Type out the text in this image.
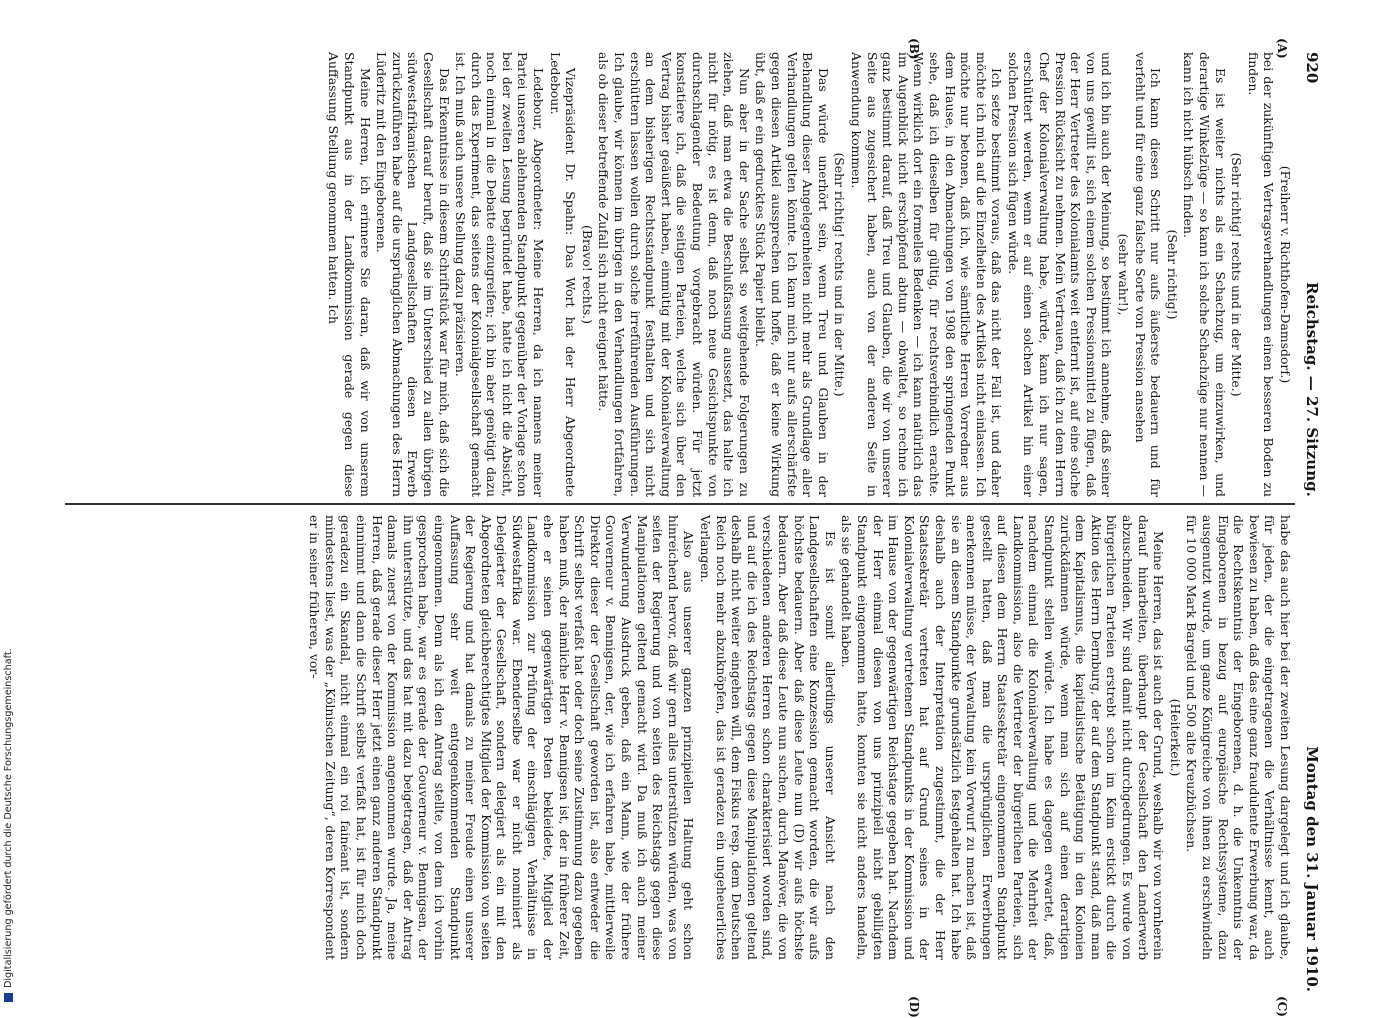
920
Reichstag. — 27. Sitzung.
Montag den 31. Januar 1910.
(A)
(B)
(C)
(D)

(Freiherr v. Richthofen-Damsdorf.)

bei der zukünftigen Vertragsverhandlungen einen besseren Boden zu finden.

(Sehr richtig! rechts und in der Mitte.)

Es ist weiter nichts als ein Schachzug, um einzuwirken, und derartige Winkelzüge — so kann ich solche Schachzüge nur nennen — kann ich nicht hübsch finden.

(Sehr richtig!)

Ich kann diesen Schritt nur aufs äußerste bedauern und für verfehlt und für eine ganz falsche Sorte von Pression ansehen

(sehr wahr!),

und ich bin auch der Meinung, so bestimmt ich annehme, daß seiner von uns gewillt ist, sich einem solchen Pressionsmittel zu fügen, daß der Herr Vertreter des Kolonialamts weit entfernt ist, auf eine solche Pression Rücksicht zu nehmen. Mein Vertrauen, daß ich zu dem Herrn Chef der Kolonialverwaltung habe, würde, kann ich nur sagen, erschüttert werden, wenn er auf einen solchen Artikel hin einer solchen Pression sich fügen würde.

Ich setze bestimmt voraus, daß das nicht der Fall ist, und daher möchte ich mich auf die Einzelheiten des Artikels nicht einlassen. Ich möchte nur betonen, daß ich, wie sämtliche Herren Vorredner aus dem Hause, in den Abmachungen von 1908 den springenden Punkt sehe, daß ich dieselben für gültig, für rechtsverbindlich erachte. Wenn wirklich dort ein formelles Bedenken — ich kann natürlich das im Augenblick nicht erschöpfend abtun — obwaltet, so rechne ich ganz bestimmt darauf, daß Treu und Glauben, die wir von unserer Seite aus zugesichert haben, auch von der anderen Seite in Anwendung kommen.

(Sehr richtig! rechts und in der Mitte.)

Das würde unerhört sein, wenn Treu und Glauben in der Behandlung dieser Angelegenheiten nicht mehr als Grundlage aller Verhandlungen gelten könnte. Ich kann mich nur aufs allerschärfste gegen diesen Artikel aussprechen und hoffe, daß er keine Wirkung übt, daß er ein gedrucktes Stück Papier bleibt.

Nun aber in der Sache selbst so weitgehende Folgerungen zu ziehen, daß man etwa die Beschlußfassung aussetzt, das halte ich nicht für nötig, es ist denn, daß noch neue Gesichtspunkte von durchschlagender Bedeutung vorgebracht würden. Für jetzt konstatiere ich, daß die seitigen Parteien, welche sich über den Vertrag bisher geäußert haben, einmütig mit der Kolonialverwaltung an dem bisherigen Rechtsstandpunkt festhalten und sich nicht erschüttern lassen wollen durch solche irreführenden Ausführungen. Ich glaube, wir können im übrigen in den Verhandlungen fortfahren, als ob dieser betreffende Zufall sich nicht ereignet hätte.

(Bravo! rechts.)

Vizepräsident Dr. Spahn: Das Wort hat der Herr Abgeordnete Ledebour.

Ledebour, Abgeordneter: Meine Herren, da ich namens meiner Partei unseren ablehnenden Standpunkt gegenüber der Vorlage schon bei der zweiten Lesung begründet habe, hatte ich nicht die Absicht, noch einmal in die Debatte einzugreifen; ich bin aber genötigt dazu durch das Experiment, das seitens der Kolonialgesellschaft gemacht ist. Ich muß auch unsere Stellung dazu präzisieren.

Das Erkenntnisse in diesem Schriftstück war für mich, daß sich die Gesellschaft darauf beruft, daß sie im Unterschied zu allen übrigen südwestafrikanischen Landgesellschaften diesen Erwerb zurückzuführen habe auf die ursprünglichen Abmachungen des Herrn Lüderitz mit den Eingeborenen.

Meine Herren, ich erinnere Sie daran, daß wir von unserem Standpunkt aus in der Landkommission gerade gegen diese Auffassung Stellung genommen hatten. Ich

habe das auch hier bei der zweiten Lesung dargelegt und ich glaube, für jeden, der die eingetragenen die Verhältnisse kennt, auch bewiesen zu haben, daß das eine ganz fraudulente Erwerbung war, da die Rechtskenntnis der Eingeborenen, d. h. die Unkenntnis der Eingeborenen in bezug auf europäische Rechtssysteme, dazu ausgenutzt wurde, um ganze Königreiche von ihnen zu erschwindeln für 10 000 Mark Bargeld und 500 alte Kreuzbüchsen.

(Heiterkeit.)

Meine Herren, das ist auch der Grund, weshalb wir von vornherein darauf hinarbeiten, überhaupt der Gesellschaft den Landerwerb abzuschneiden. Wir sind damit nicht durchgedrungen. Es wurde von bürgerlichen Parteien erstrebt schon im Keim erstickt durch die Aktion des Herrn Dernburg, der auf dem Standpunkt stand, daß man dem Kapitalismus, die kapitalistische Betätigung in den Kolonien zurückdämmen würde, wenn man sich auf einen derartigen Standpunkt stellen würde. Ich habe es dagegen erwartet, daß, nachdem einmal die Kolonialverwaltung und die Mehrheit der Landkommission, also die Vertreter der bürgerlichen Parteien, sich auf diesen dem Herrn Staatssekretär eingenommenen Standpunkt gestellt hatten, daß man die ursprünglichen Erwerbungen anerkennen müsse, der Verwaltung kein Vorwurf zu machen ist, daß sie an diesem Standpunkte grundsätzlich festgehalten hat. Ich habe deshalb auch der Interpretation zugestimmt, die der Herr Staatssekretär vertreten hat auf Grund seines in der Kolonialverwaltung vertretenen Standpunkts in der Kommission und im Hause von der gegenwärtigen Reichstage gegeben hat. Nachdem der Herr einmal diesen von uns prinzipiell nicht gebilligten Standpunkt eingenommen hatte, konnten sie nicht anders handeln, als sie gehandelt haben.

Es ist somit allerdings unserer Ansicht nach den Landgesellschaften eine Konzession gemacht worden, die wir aufs höchste bedauern. Aber daß diese Leute nun (D) wir aufs höchste bedauern. Aber daß diese Leute nun suchen, durch Manöver, die von verschiedenen anderen Herren schon charakterisiert worden sind, und auf die ich des Reichstags gegen diese Manipulationen geltend deshalb nicht weiter eingehen will, dem Fiskus resp. dem Deutschen Reich noch mehr abzuknöpfen, das ist geradezu ein ungeheuerliches Verlangen.

Also aus unserer ganzen prinzipiellen Haltung geht schon hinreichend hervor, daß wir gern alles unterstützen würden, was von seiten der Regierung und von seiten des Reichstags gegen diese Manipulationen geltend gemacht wird. Da muß ich auch meiner Verwunderung Ausdruck geben, daß ein Mann, wie der frühere Gouverneur v. Bennigsen, der, wie ich erfahren habe, mittlerweile Direktor dieser der Gesellschaft geworden ist, also entweder die Schrift selbst verfaßt hat oder doch seine Zustimmung dazu gegeben haben muß, der nämliche Herr v. Bennigsen ist, der in früherer Zeit, ehe er seinen gegenwärtigen Posten bekleidete, Mitglied der Landkommission zur Prüfung der einschlägigen Verhältnisse in Südwestafrika war. Ebenderselbe war er nicht nominiert als Delegierter der Gesellschaft, sondern delegiert als ein mit den Abgeordneten gleichberechtigtes Mitglied der Kommission von seiten der Regierung und hat damals zu meiner Freude einen unserer Auffassung sehr weit entgegenkommenden Standpunkt eingenommen. Denn als ich den Antrag stellte, von dem ich vorhin gesprochen habe, war es gerade der Gouverneur v. Bennigsen, der ihn unterstützte, und das hat mit dazu beigetragen, daß der Antrag damals zuerst von der Kommission angenommen wurde. Ja, meine Herren, daß gerade dieser Herr jetzt einen ganz anderen Standpunkt einnimmt und dann die Schrift selbst verfaßt hat, ist für mich doch geradezu ein Skandal, nicht einmal ein roi fainéant ist, sondern mindestens liest, was der „Kölnischen Zeitung“, deren Korrespondent er in seiner früheren, vor-

Digitalisierung gefördert durch die Deutsche Forschungsgemeinschaft.
